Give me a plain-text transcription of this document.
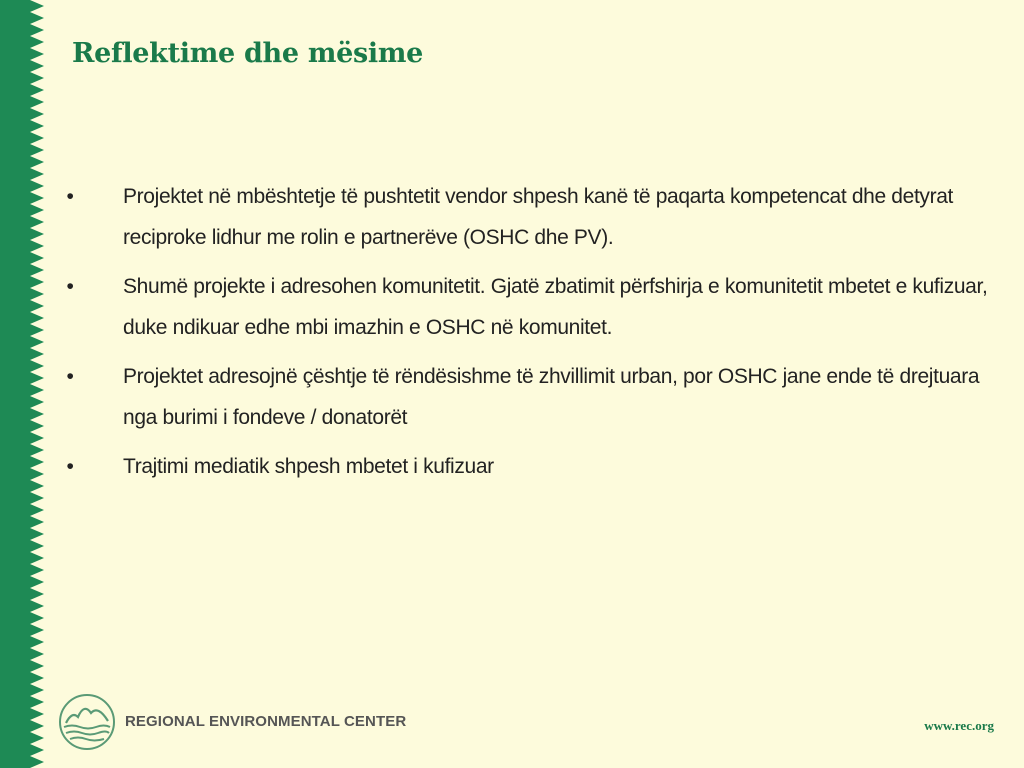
Reflektime dhe mësime
• Projektet në mbështetje të pushtetit vendor shpesh kanë të paqarta kompetencat dhe detyrat reciproke lidhur me rolin e partnerëve (OSHC dhe PV).
• Shumë projekte i adresohen komunitetit. Gjatë zbatimit përfshirja e komunitetit mbetet e kufizuar, duke ndikuar edhe mbi imazhin e OSHC në komunitet.
• Projektet adresojnë çështje të rëndësishme të zhvillimit urban, por OSHC jane ende të drejtuara nga burimi i fondeve / donatorët
• Trajtimi mediatik shpesh mbetet i kufizuar
REGIONAL ENVIRONMENTAL CENTER	www.rec.org
